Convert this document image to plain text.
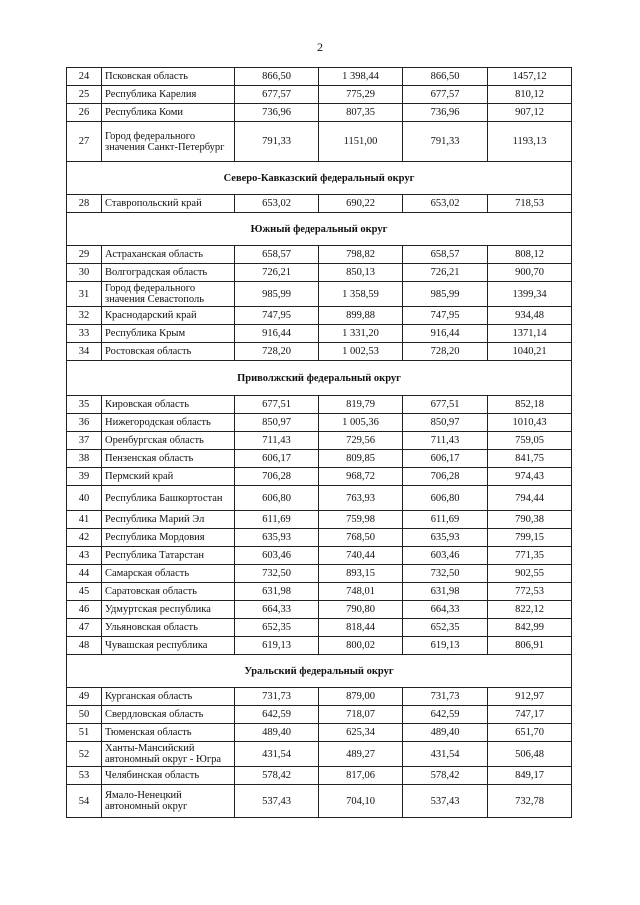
2
24	Псковская область	866,50	1 398,44	866,50	1457,12
25	Республика Карелия	677,57	775,29	677,57	810,12
26	Республика Коми	736,96	807,35	736,96	907,12
27	Город федерального значения Санкт-Петербург	791,33	1151,00	791,33	1193,13
Северо-Кавказский федеральный округ					
28	Ставропольский край	653,02	690,22	653,02	718,53
Южный федеральный округ					
29	Астраханская область	658,57	798,82	658,57	808,12
30	Волгоградская область	726,21	850,13	726,21	900,70
31	Город федерального значения Севастополь	985,99	1 358,59	985,99	1399,34
32	Краснодарский край	747,95	899,88	747,95	934,48
33	Республика Крым	916,44	1 331,20	916,44	1371,14
34	Ростовская область	728,20	1 002,53	728,20	1040,21
Приволжский федеральный округ					
35	Кировская область	677,51	819,79	677,51	852,18
36	Нижегородская область	850,97	1 005,36	850,97	1010,43
37	Оренбургская область	711,43	729,56	711,43	759,05
38	Пензенская область	606,17	809,85	606,17	841,75
39	Пермский край	706,28	968,72	706,28	974,43
40	Республика Башкортостан	606,80	763,93	606,80	794,44
41	Республика Марий Эл	611,69	759,98	611,69	790,38
42	Республика Мордовия	635,93	768,50	635,93	799,15
43	Республика Татарстан	603,46	740,44	603,46	771,35
44	Самарская область	732,50	893,15	732,50	902,55
45	Саратовская область	631,98	748,01	631,98	772,53
46	Удмуртская республика	664,33	790,80	664,33	822,12
47	Ульяновская область	652,35	818,44	652,35	842,99
48	Чувашская республика	619,13	800,02	619,13	806,91
Уральский федеральный округ					
49	Курганская область	731,73	879,00	731,73	912,97
50	Свердловская область	642,59	718,07	642,59	747,17
51	Тюменская область	489,40	625,34	489,40	651,70
52	Ханты-Мансийский автономный округ - Югра	431,54	489,27	431,54	506,48
53	Челябинская область	578,42	817,06	578,42	849,17
54	Ямало-Ненецкий автономный округ	537,43	704,10	537,43	732,78
